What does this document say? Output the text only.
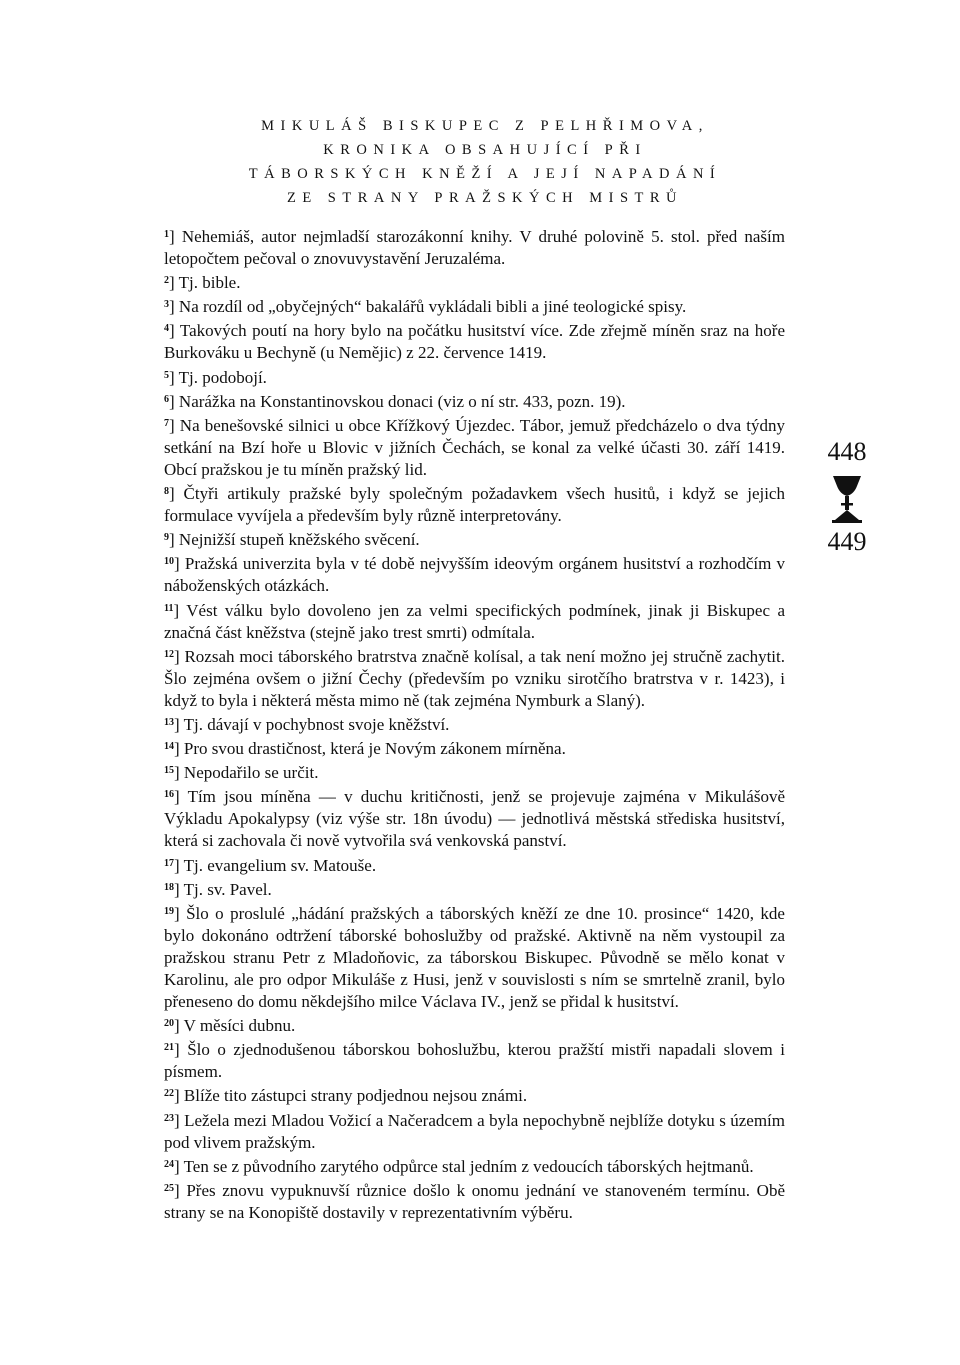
MIKULÁŠ BISKUPEC Z PELHŘIMOVA,
KRONIKA OBSAHUJÍCÍ PŘI
TÁBORSKÝCH KNĚŽÍ A JEJÍ NAPADÁNÍ
ZE STRANY PRAŽSKÝCH MISTRŮ

$^1$] Nehemiáš, autor nejmladší starozákonní knihy. V druhé polovině 5. stol. před naším letopočtem pečoval o znovuvystavění Jeruzaléma.

$^2$] Tj. bible.

$^3$] Na rozdíl od „obyčejných“ bakalářů vykládali bibli a jiné teologické spisy.

$^4$] Takových poutí na hory bylo na počátku husitství více. Zde zřejmě míněn sraz na hoře Burkováku u Bechyně (u Nemějic) z 22. července 1419.

$^5$] Tj. podobojí.

$^6$] Narážka na Konstantinovskou donaci (viz o ní str. 433, pozn. 19).

$^7$] Na benešovské silnici u obce Křížkový Újezdec. Tábor, jemuž předcházelo o dva týdny setkání na Bzí hoře u Blovic v jižních Čechách, se konal za velké účasti 30. září 1419. Obcí pražskou je tu míněn pražský lid.

$^8$] Čtyři artikuly pražské byly společným požadavkem všech husitů, i když se jejich formulace vyvíjela a především byly různě interpretovány.

$^9$] Nejnižší stupeň kněžského svěcení.

$^{10}$] Pražská univerzita byla v té době nejvyšším ideovým orgánem husitství a rozhodčím v náboženských otázkách.

$^{11}$] Vést válku bylo dovoleno jen za velmi specifických podmínek, jinak ji Biskupec a značná část kněžstva (stejně jako trest smrti) odmítala.

$^{12}$] Rozsah moci táborského bratrstva značně kolísal, a tak není možno jej stručně zachytit. Šlo zejména ovšem o jižní Čechy (především po vzniku sirotčího bratrstva v r. 1423), i když to byla i některá města mimo ně (tak zejména Nymburk a Slaný).

$^{13}$] Tj. dávají v pochybnost svoje kněžství.

$^{14}$] Pro svou drastičnost, která je Novým zákonem mírněna.

$^{15}$] Nepodařilo se určit.

$^{16}$] Tím jsou míněna — v duchu kritičnosti, jenž se projevuje zajména v Mikulášově Výkladu Apokalypsy (viz výše str. 18n úvodu) — jednotlivá městská střediska husitství, která si zachovala či nově vytvořila svá venkovská panství.

$^{17}$] Tj. evangelium sv. Matouše.

$^{18}$] Tj. sv. Pavel.

$^{19}$] Šlo o proslulé „hádání pražských a táborských kněží ze dne 10. prosince“ 1420, kde bylo dokonáno odtržení táborské bohoslužby od pražské. Aktivně na něm vystoupil za pražskou stranu Petr z Mladoňovic, za táborskou Biskupec. Původně se mělo konat v Karolinu, ale pro odpor Mikuláše z Husi, jenž v souvislosti s ním se smrtelně zranil, bylo přeneseno do domu někdejšího milce Václava IV., jenž se přidal k husitství.

$^{20}$] V měsíci dubnu.

$^{21}$] Šlo o zjednodušenou táborskou bohoslužbu, kterou pražští mistři napadali slovem i písmem.

$^{22}$] Blíže tito zástupci strany podjednou nejsou známi.

$^{23}$] Ležela mezi Mladou Vožicí a Načeradcem a byla nepochybně nejblíže dotyku s územím pod vlivem pražským.

$^{24}$] Ten se z původního zarytého odpůrce stal jedním z vedoucích táborských hejtmanů.

$^{25}$] Přes znovu vypuknuvší různice došlo k onomu jednání ve stanoveném termínu. Obě strany se na Konopiště dostavily v reprezentativním výběru.

448
449
